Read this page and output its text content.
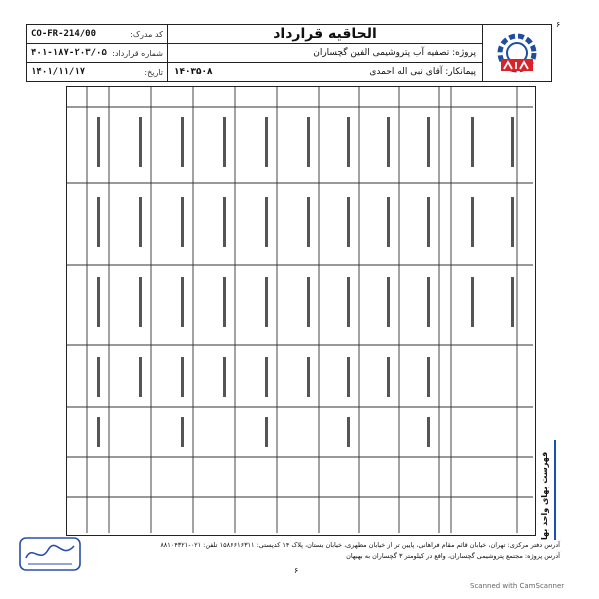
الحاقیه قرارداد
پروژه: تصفیه آب پتروشیمی الفین گچساران
پیمانکار: آقای نبی اله احمدی
۱۴۰۳۵۰۸
کد مدرک:
CO-FR-214/00
شماره قرارداد:
۴۰۱-۱۸۷-۲۰۳/۰۵
تاریخ:
۱۴۰۱/۱۱/۱۷
۶
فهرست بهای واحد بها
آدرس دفتر مرکزی: تهران، خیابان قائم مقام فراهانی، پایین تر از خیابان مطهری، خیابان بستان، پلاک ۱۴ کدپستی: ۱۵۸۶۶۱۶۳۱۱ تلفن: ۰۲۱-۸۸۱۰۴۳۲۱
آدرس پروژه: مجتمع پتروشیمی گچساران، واقع در کیلومتر ۳ گچساران به بهبهان
۶
Scanned with CamScanner
